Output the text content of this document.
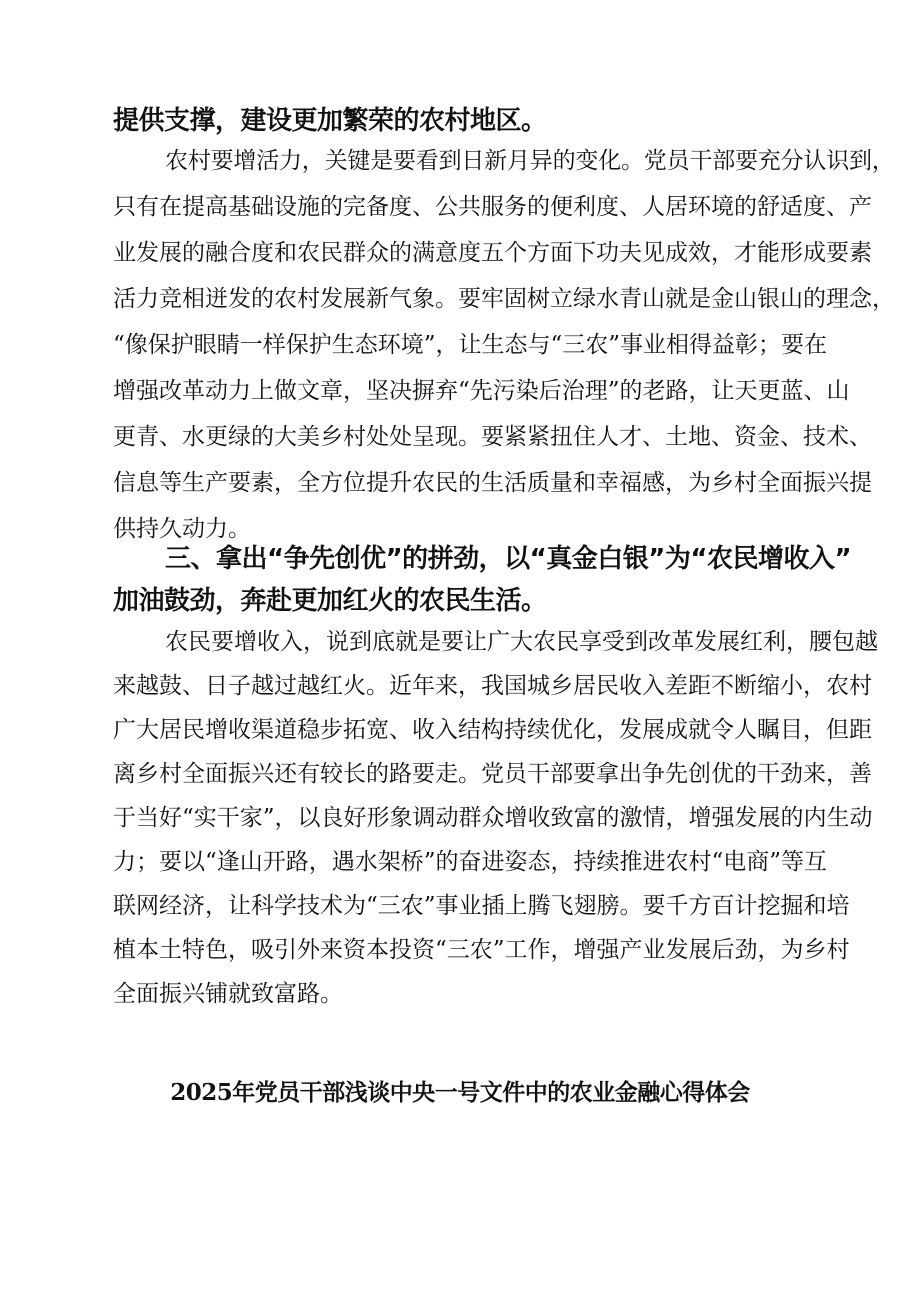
提供支撑，建设更加繁荣的农村地区。

农村要增活力，关键是要看到日新月异的变化。党员干部要充分认识到，

只有在提高基础设施的完备度、公共服务的便利度、人居环境的舒适度、产

业发展的融合度和农民群众的满意度五个方面下功夫见成效，才能形成要素

活力竞相迸发的农村发展新气象。要牢固树立绿水青山就是金山银山的理念，

“像保护眼睛一样保护生态环境”，让生态与“三农”事业相得益彰；要在

增强改革动力上做文章，坚决摒弃“先污染后治理”的老路，让天更蓝、山

更青、水更绿的大美乡村处处呈现。要紧紧扭住人才、土地、资金、技术、

信息等生产要素，全方位提升农民的生活质量和幸福感，为乡村全面振兴提

供持久动力。

三、拿出“争先创优”的拼劲，以“真金白银”为“农民增收入”

加油鼓劲，奔赴更加红火的农民生活。

农民要增收入，说到底就是要让广大农民享受到改革发展红利，腰包越

来越鼓、日子越过越红火。近年来，我国城乡居民收入差距不断缩小，农村

广大居民增收渠道稳步拓宽、收入结构持续优化，发展成就令人瞩目，但距

离乡村全面振兴还有较长的路要走。党员干部要拿出争先创优的干劲来，善

于当好“实干家”，以良好形象调动群众增收致富的激情，增强发展的内生动

力；要以“逢山开路，遇水架桥”的奋进姿态，持续推进农村“电商”等互

联网经济，让科学技术为“三农”事业插上腾飞翅膀。要千方百计挖掘和培

植本土特色，吸引外来资本投资“三农”工作，增强产业发展后劲，为乡村

全面振兴铺就致富路。

2025年党员干部浅谈中央一号文件中的农业金融心得体会
